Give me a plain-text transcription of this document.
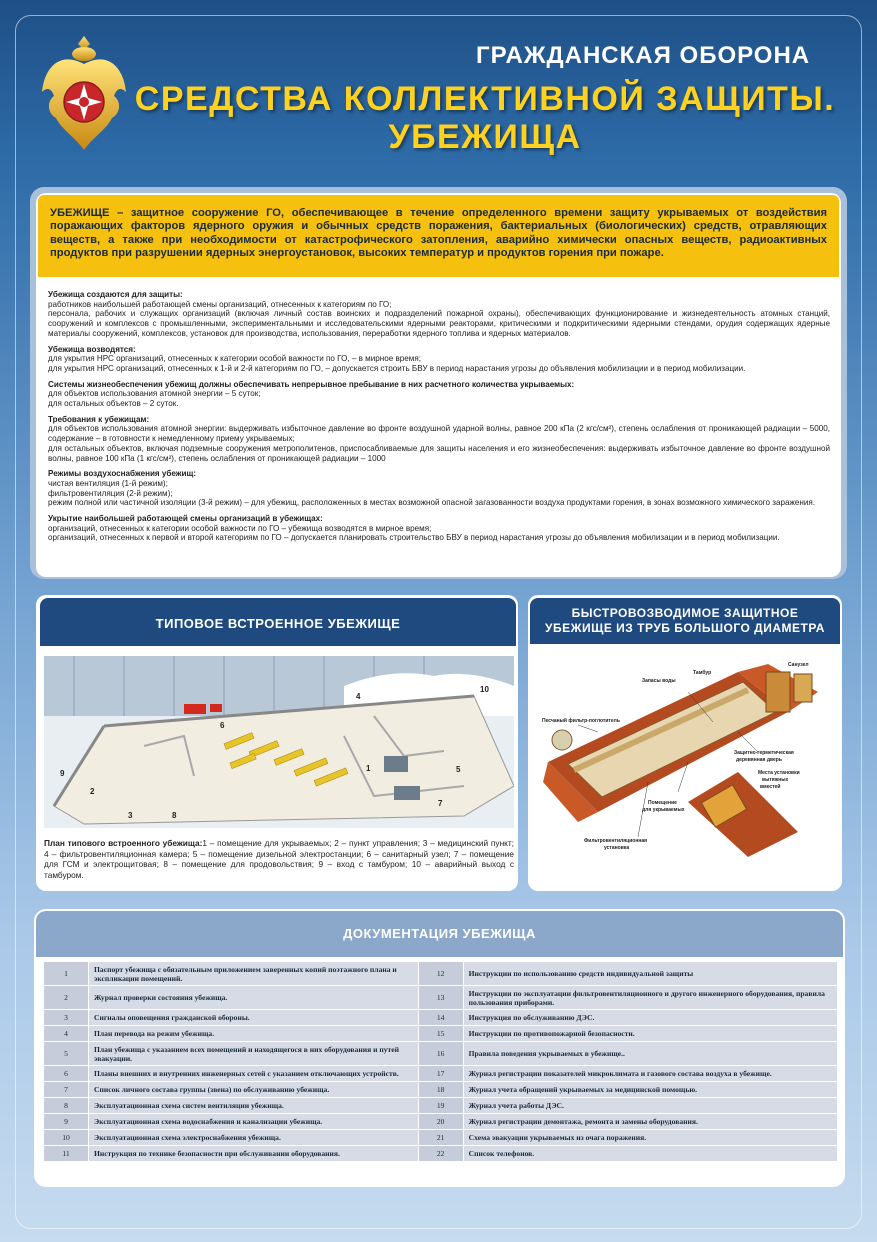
ГРАЖДАНСКАЯ ОБОРОНА
СРЕДСТВА КОЛЛЕКТИВНОЙ ЗАЩИТЫ.
УБЕЖИЩА
УБЕЖИЩЕ – защитное сооружение ГО, обеспечивающее в течение определенного времени защиту укрываемых от воздействия поражающих факторов ядерного оружия и обычных средств поражения, бактериальных (биологических) средств, отравляющих веществ, а также при необходимости от катастрофического затопления, аварийно химически опасных веществ, радиоактивных продуктов при разрушении ядерных энергоустановок, высоких температур и продуктов горения при пожаре.
Убежища создаются для защиты:
работников наибольшей работающей смены организаций, отнесенных к категориям по ГО;
персонала, рабочих и служащих организаций (включая личный состав воинских и подразделений пожарной охраны), обеспечивающих функционирование и жизнедеятельность атомных станций, сооружений и комплексов с промышленными, экспериментальными и исследовательскими ядерными реакторами, критическими и подкритическими ядерными стендами, орудия содержащих ядерные материалы сооружений, комплексов, установок для производства, использования, переработки ядерного топлива и ядерных материалов.
Убежища возводятся:
для укрытия НРС организаций, отнесенных к категории особой важности по ГО, – в мирное время;
для укрытия НРС организаций, отнесенных к 1-й и 2-й категориям по ГО, – допускается строить БВУ в период нарастания угрозы до объявления мобилизации и в период мобилизации.
Системы жизнеобеспечения убежищ должны обеспечивать непрерывное пребывание в них расчетного количества укрываемых:
для объектов использования атомной энергии – 5 суток;
для остальных объектов – 2 суток.
Требования к убежищам:
для объектов использования атомной энергии: выдерживать избыточное давление во фронте воздушной ударной волны, равное 200 кПа (2 кгс/см²), степень ослабления от проникающей радиации – 5000, содержание – в готовности к немедленному приему укрываемых;
для остальных объектов, включая подземные сооружения метрополитенов, приспосабливаемые для защиты населения и его жизнеобеспечения: выдерживать избыточное давление во фронте воздушной волны, равное 100 кПа (1 кгс/см²), степень ослабления от проникающей радиации – 1000
Режимы воздухоснабжения убежищ:
чистая вентиляция (1-й режим);
фильтровентиляция (2-й режим);
режим полной или частичной изоляции (3-й режим) – для убежищ, расположенных в местах возможной опасной загазованности воздуха продуктами горения, в зонах возможного химического заражения.
Укрытие наибольшей работающей смены организаций в убежищах:
организаций, отнесенных к категории особой важности по ГО – убежища возводятся в мирное время;
организаций, отнесенных к первой и второй категориям по ГО – допускается планировать строительство БВУ в период нарастания угрозы до объявления мобилизации и в период мобилизации.
ТИПОВОЕ ВСТРОЕННОЕ УБЕЖИЩЕ
1
2
3
4
5
6
7
8
9
10
План типового встроенного убежища:1 – помещение для укрываемых; 2 – пункт управления; 3 – медицинский пункт; 4 – фильтровентиляционная камера; 5 – помещение дизельной электростанции; 6 – санитарный узел; 7 – помещение для ГСМ и электрощитовая; 8 – помещение для продовольствия; 9 – вход с тамбуром; 10 – аварийный выход с тамбуром.
БЫСТРОВОЗВОДИМОЕ ЗАЩИТНОЕ
УБЕЖИЩЕ ИЗ ТРУБ БОЛЬШОГО ДИАМЕТРА
Тамбур
Санузел
Запасы воды
Песчаный фильтр-поглотитель
Защитно-герметическая
деревянная дверь
Места установки
вытяжных
вместей
Помещение
для укрываемых
Фильтровентиляционная
установка
ДОКУМЕНТАЦИЯ УБЕЖИЩА
1	Паспорт убежища с обязательным приложением заверенных копий поэтажного плана и экспликации помещений.	12	Инструкции по использованию средств индивидуальной защиты
2	Журнал проверки состояния убежища.	13	Инструкции по эксплуатации фильтровентиляционного и другого инженерного оборудования, правила пользования приборами.
3	Сигналы оповещения гражданской обороны.	14	Инструкция по обслуживанию ДЭС.
4	План перевода на режим убежища.	15	Инструкции по противопожарной безопасности.
5	План убежища с указанием всех помещений и находящегося в них оборудования и путей эвакуации.	16	Правила поведения укрываемых в убежище..
6	Планы внешних и внутренних инженерных сетей с указанием отключающих устройств.	17	Журнал регистрации показателей микроклимата и газового состава воздуха в убежище.
7	Список личного состава группы (звена) по обслуживанию убежища.	18	Журнал учета обращений укрываемых за медицинской помощью.
8	Эксплуатационная схема систем вентиляции убежища.	19	Журнал учета работы ДЭС.
9	Эксплуатационная схема водоснабжения и канализации убежища.	20	Журнал регистрации демонтажа, ремонта и замены оборудования.
10	Эксплуатационная схема электроснабжения убежища.	21	Схема эвакуации укрываемых из очага поражения.
11	Инструкция по технике безопасности при обслуживании оборудования.	22	Список телефонов.
